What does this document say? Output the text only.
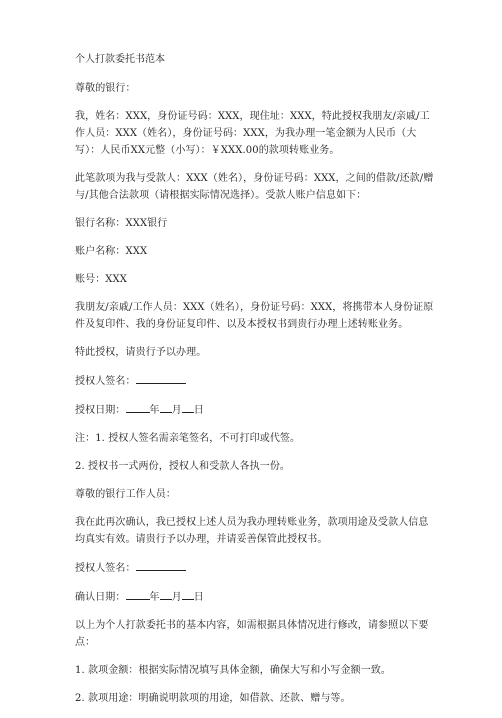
个人打款委托书范本

尊敬的银行：

我，姓名：XXX，身份证号码：XXX，现住址：XXX，特此授权我朋友/亲戚/工作人员：XXX（姓名），身份证号码：XXX，为我办理一笔金额为人民币（大写）：人民币XX元整（小写）：￥XXX.00的款项转账业务。

此笔款项为我与受款人：XXX（姓名），身份证号码：XXX，之间的借款/还款/赠与/其他合法款项（请根据实际情况选择）。受款人账户信息如下：

银行名称：XXX银行

账户名称：XXX

账号：XXX

我朋友/亲戚/工作人员：XXX（姓名），身份证号码：XXX，将携带本人身份证原件及复印件、我的身份证复印件、以及本授权书到贵行办理上述转账业务。

特此授权，请贵行予以办理。

授权人签名：

授权日期： 年 月 日

注：1. 授权人签名需亲笔签名，不可打印或代签。

2. 授权书一式两份，授权人和受款人各执一份。

尊敬的银行工作人员：

我在此再次确认，我已授权上述人员为我办理转账业务，款项用途及受款人信息均真实有效。请贵行予以办理，并请妥善保管此授权书。

授权人签名：

确认日期： 年 月 日

以上为个人打款委托书的基本内容，如需根据具体情况进行修改，请参照以下要点：

1. 款项金额：根据实际情况填写具体金额，确保大写和小写金额一致。

2. 款项用途：明确说明款项的用途，如借款、还款、赠与等。
